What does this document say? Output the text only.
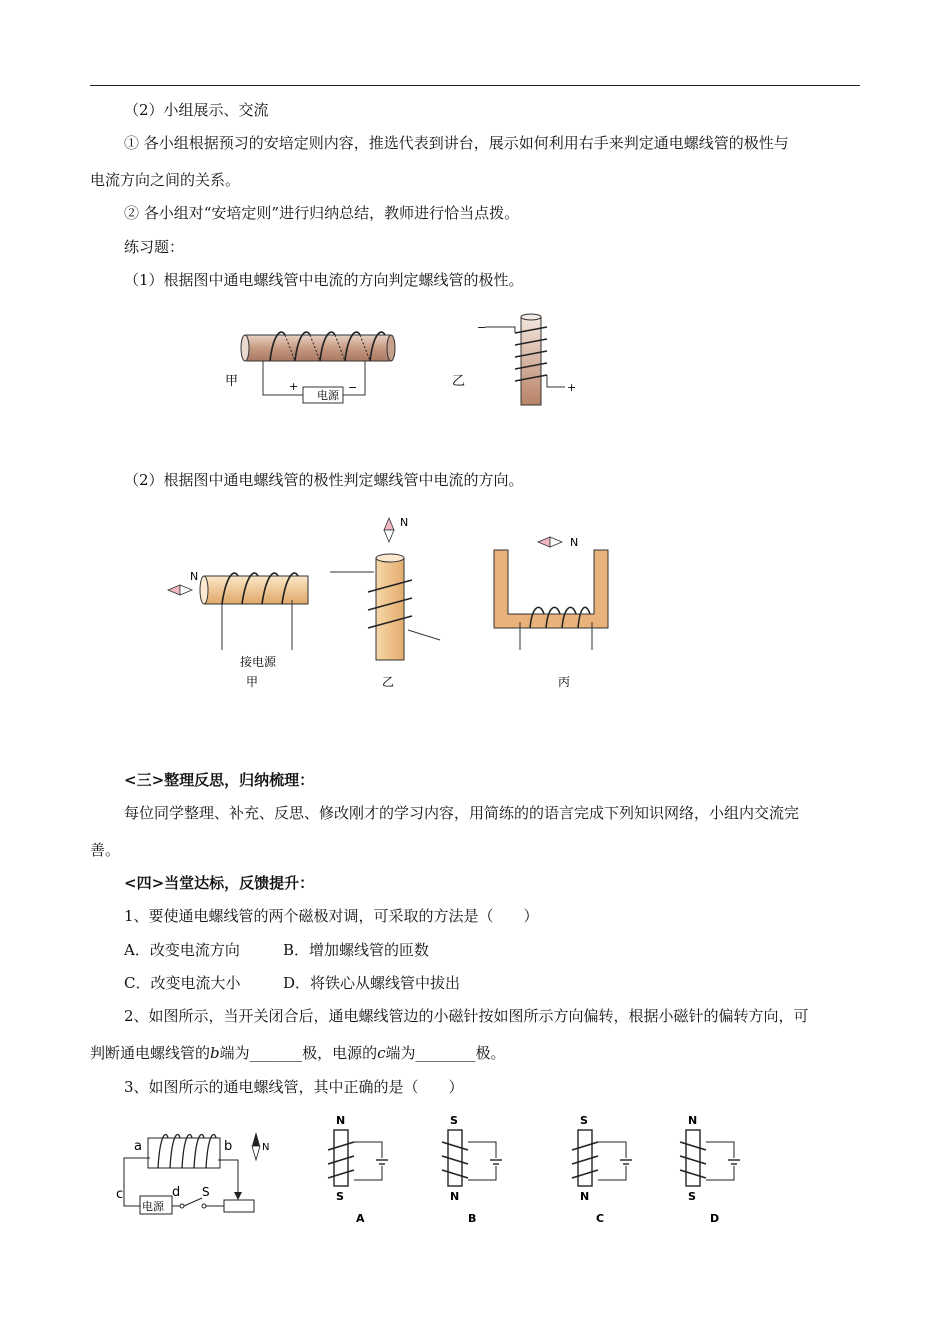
（2）小组展示、交流
① 各小组根据预习的安培定则内容，推选代表到讲台，展示如何利用右手来判定通电螺线管的极性与
电流方向之间的关系。
② 各小组对“安培定则”进行归纳总结，教师进行恰当点拨。
练习题：
（1）根据图中通电螺线管中电流的方向判定螺线管的极性。
甲
电源
+	−
−
+
乙
（2）根据图中通电螺线管的极性判定螺线管中电流的方向。
N
接电源
甲
N
乙
N
丙
<三>整理反思，归纳梳理：
每位同学整理、补充、反思、修改刚才的学习内容，用简练的的语言完成下列知识网络，小组内交流完
善。
<四>当堂达标，反馈提升：
1、要使通电螺线管的两个磁极对调，可采取的方法是（　　）
A．改变电流方向	B．增加螺线管的匝数
C．改变电流大小	D．将铁心从螺线管中拔出
2、如图所示，当开关闭合后，通电螺线管边的小磁针按如图所示方向偏转，根据小磁针的偏转方向，可
判断通电螺线管的b端为_______极，电源的c端为________极。
3、如图所示的通电螺线管，其中正确的是（　　）
a	b
c	d S
N
电源
N
S
A
S
N
B
S
N
C
N
S
D
